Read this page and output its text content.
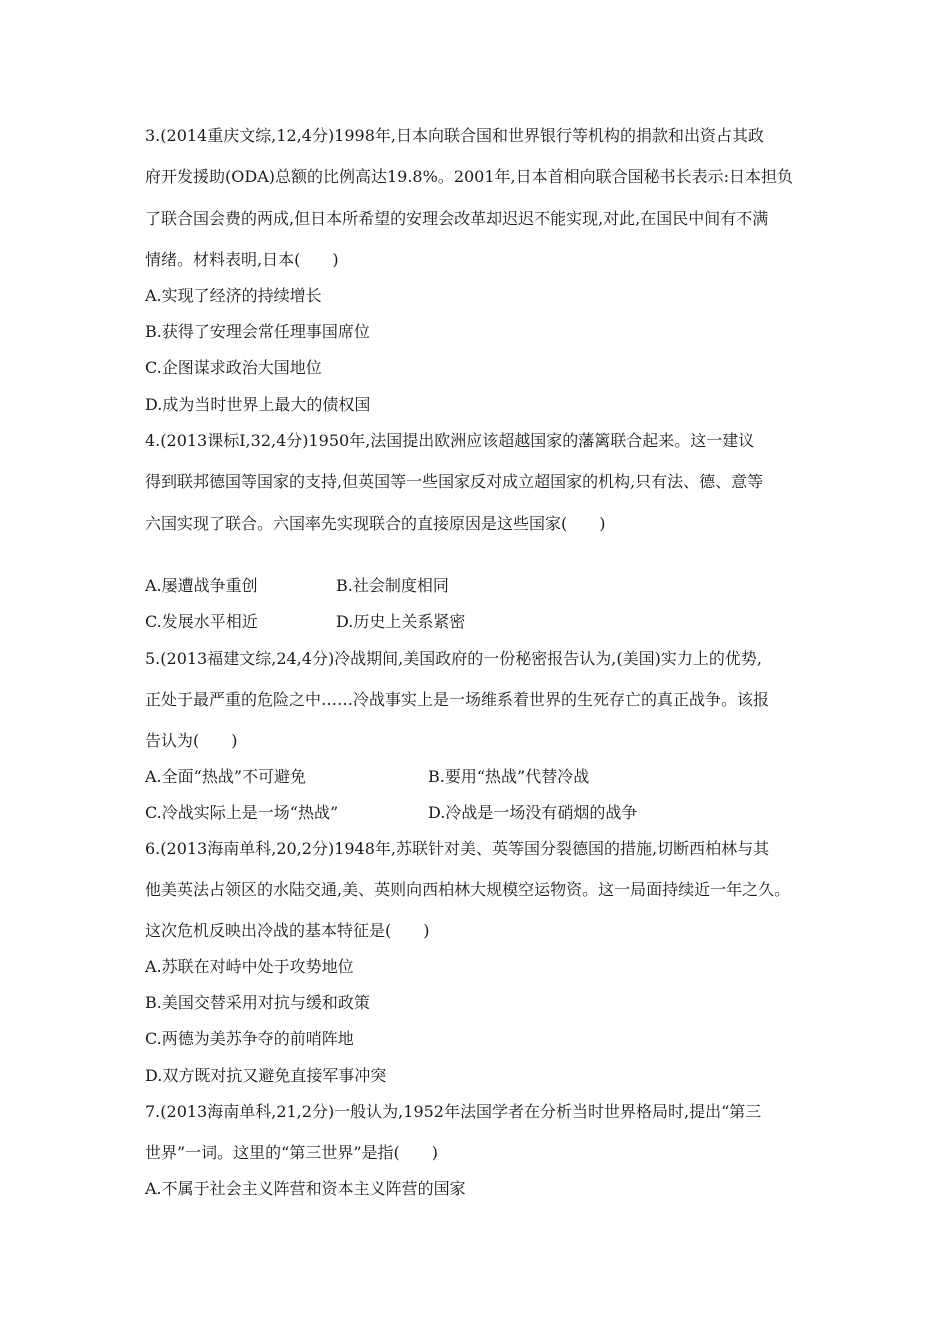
3.(2014重庆文综,12,4分)1998年,日本向联合国和世界银行等机构的捐款和出资占其政
府开发援助(ODA)总额的比例高达19.8%。2001年,日本首相向联合国秘书长表示:日本担负
了联合国会费的两成,但日本所希望的安理会改革却迟迟不能实现,对此,在国民中间有不满
情绪。材料表明,日本(　　)
A.实现了经济的持续增长
B.获得了安理会常任理事国席位
C.企图谋求政治大国地位
D.成为当时世界上最大的债权国
4.(2013课标Ⅰ,32,4分)1950年,法国提出欧洲应该超越国家的藩篱联合起来。这一建议
得到联邦德国等国家的支持,但英国等一些国家反对成立超国家的机构,只有法、德、意等
六国实现了联合。六国率先实现联合的直接原因是这些国家(　　)
A.屡遭战争重创	B.社会制度相同
C.发展水平相近	D.历史上关系紧密
5.(2013福建文综,24,4分)冷战期间,美国政府的一份秘密报告认为,(美国)实力上的优势,
正处于最严重的危险之中……冷战事实上是一场维系着世界的生死存亡的真正战争。该报
告认为(　　)
A.全面“热战”不可避免	B.要用“热战”代替冷战
C.冷战实际上是一场“热战”	D.冷战是一场没有硝烟的战争
6.(2013海南单科,20,2分)1948年,苏联针对美、英等国分裂德国的措施,切断西柏林与其
他美英法占领区的水陆交通,美、英则向西柏林大规模空运物资。这一局面持续近一年之久。
这次危机反映出冷战的基本特征是(　　)
A.苏联在对峙中处于攻势地位
B.美国交替采用对抗与缓和政策
C.两德为美苏争夺的前哨阵地
D.双方既对抗又避免直接军事冲突
7.(2013海南单科,21,2分)一般认为,1952年法国学者在分析当时世界格局时,提出“第三
世界”一词。这里的“第三世界”是指(　　)
A.不属于社会主义阵营和资本主义阵营的国家
